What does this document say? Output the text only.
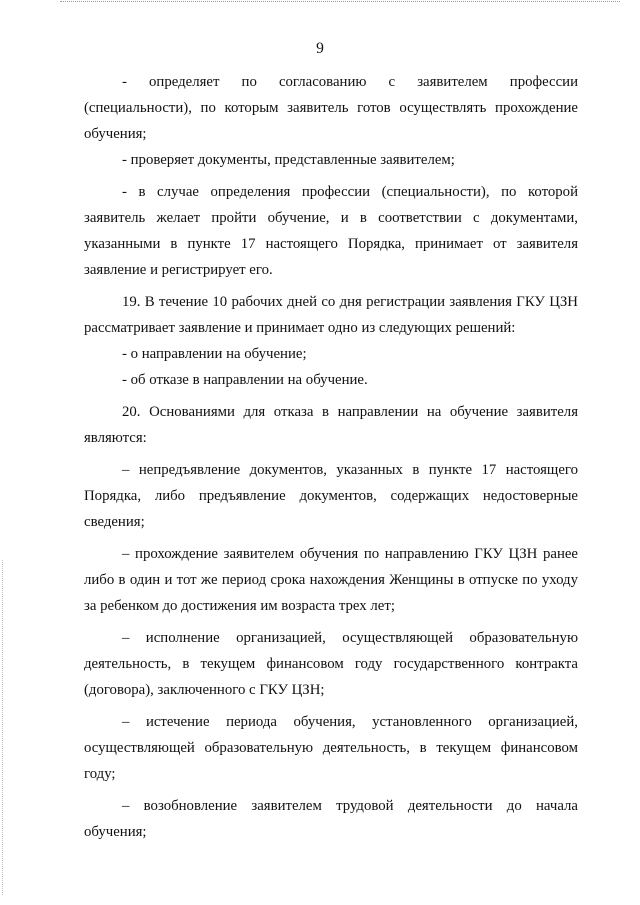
9

- определяет по согласованию с заявителем профессии (специальности), по которым заявитель готов осуществлять прохождение обучения;

- проверяет документы, представленные заявителем;

- в случае определения профессии (специальности), по которой заявитель желает пройти обучение, и в соответствии с документами, указанными в пункте 17 настоящего Порядка, принимает от заявителя заявление и регистрирует его.

19. В течение 10 рабочих дней со дня регистрации заявления ГКУ ЦЗН рассматривает заявление и принимает одно из следующих решений:

- о направлении на обучение;

- об отказе в направлении на обучение.

20. Основаниями для отказа в направлении на обучение заявителя являются:

– непредъявление документов, указанных в пункте 17 настоящего Порядка, либо предъявление документов, содержащих недостоверные сведения;

– прохождение заявителем обучения по направлению ГКУ ЦЗН ранее либо в один и тот же период срока нахождения Женщины в отпуске по уходу за ребенком до достижения им возраста трех лет;

– исполнение организацией, осуществляющей образовательную деятельность, в текущем финансовом году государственного контракта (договора), заключенного с ГКУ ЦЗН;

– истечение периода обучения, установленного организацией, осуществляющей образовательную деятельность, в текущем финансовом году;

– возобновление заявителем трудовой деятельности до начала обучения;
